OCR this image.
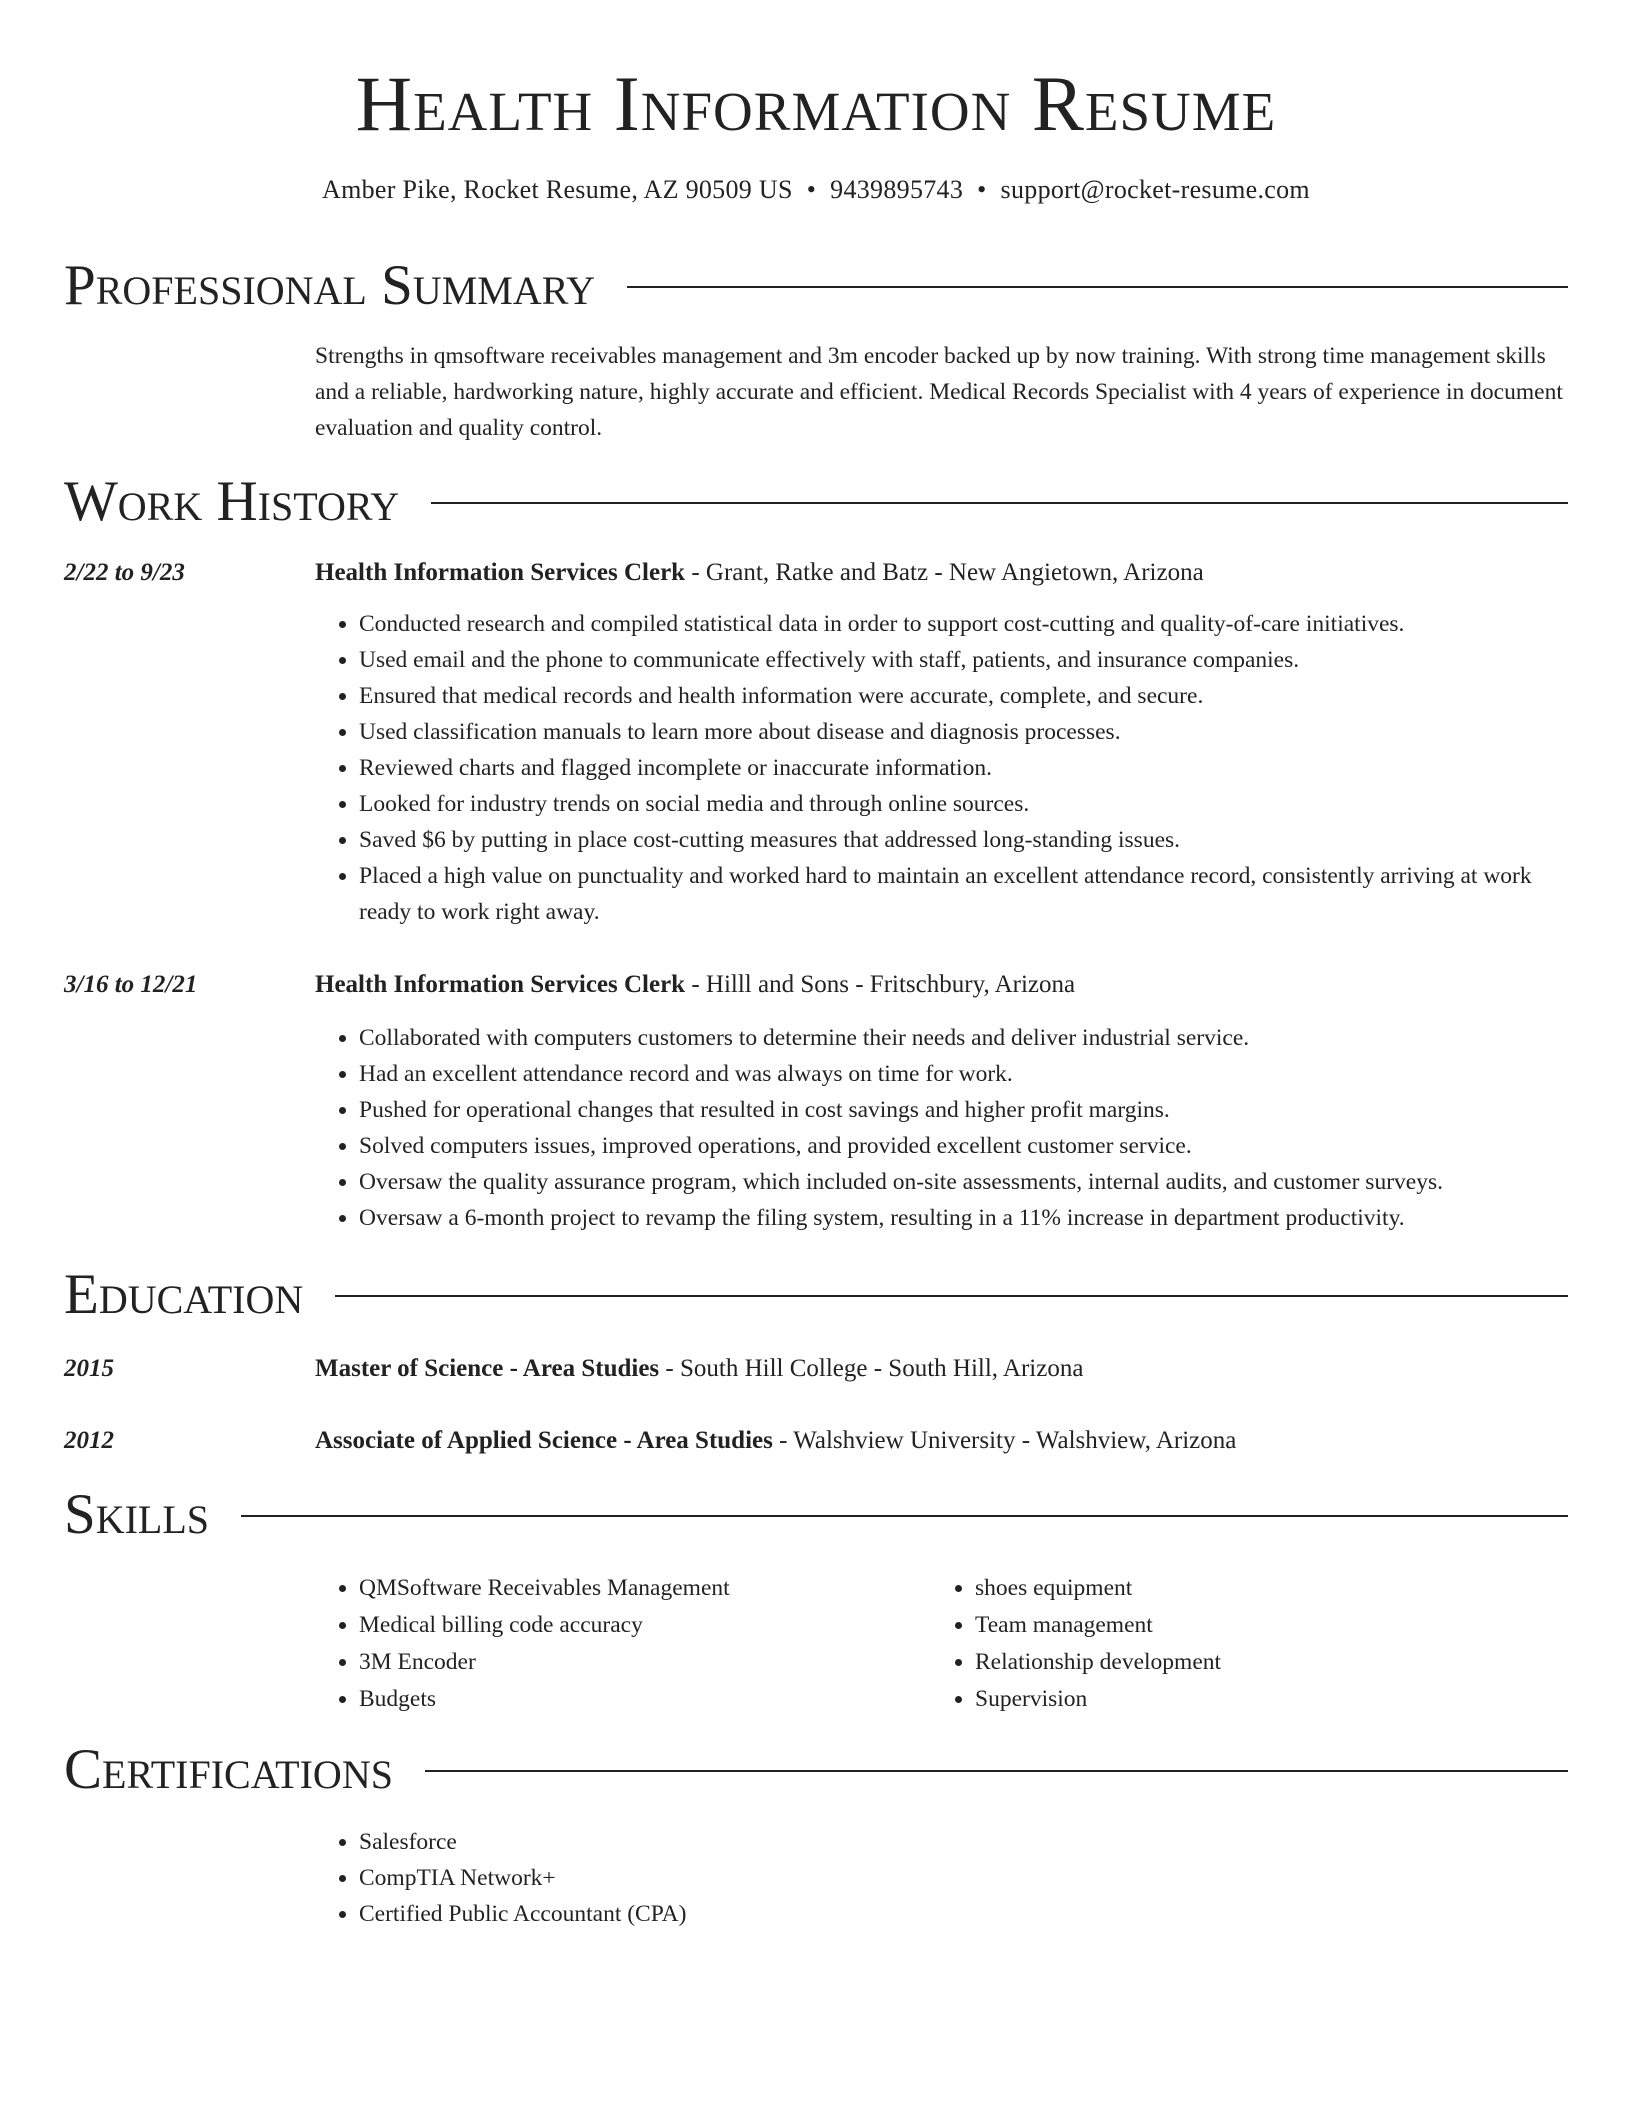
Health Information Resume
Amber Pike, Rocket Resume, AZ 90509 US • 9439895743 • support@rocket-resume.com
Professional Summary

Strengths in qmsoftware receivables management and 3m encoder backed up by now training. With strong time management skills and a reliable, hardworking nature, highly accurate and efficient. Medical Records Specialist with 4 years of experience in document evaluation and quality control.

Work History
2/22 to 9/23	Health Information Services Clerk - Grant, Ratke and Batz - New Angietown, Arizona
• Conducted research and compiled statistical data in order to support cost-cutting and quality-of-care initiatives.
• Used email and the phone to communicate effectively with staff, patients, and insurance companies.
• Ensured that medical records and health information were accurate, complete, and secure.
• Used classification manuals to learn more about disease and diagnosis processes.
• Reviewed charts and flagged incomplete or inaccurate information.
• Looked for industry trends on social media and through online sources.
• Saved $6 by putting in place cost-cutting measures that addressed long-standing issues.
• Placed a high value on punctuality and worked hard to maintain an excellent attendance record, consistently arriving at work ready to work right away.
3/16 to 12/21	Health Information Services Clerk - Hilll and Sons - Fritschbury, Arizona
• Collaborated with computers customers to determine their needs and deliver industrial service.
• Had an excellent attendance record and was always on time for work.
• Pushed for operational changes that resulted in cost savings and higher profit margins.
• Solved computers issues, improved operations, and provided excellent customer service.
• Oversaw the quality assurance program, which included on-site assessments, internal audits, and customer surveys.
• Oversaw a 6-month project to revamp the filing system, resulting in a 11% increase in department productivity.
Education
2015	Master of Science - Area Studies - South Hill College - South Hill, Arizona
2012	Associate of Applied Science - Area Studies - Walshview University - Walshview, Arizona
Skills
• QMSoftware Receivables Management
• Medical billing code accuracy
• 3M Encoder
• Budgets
• shoes equipment
• Team management
• Relationship development
• Supervision
Certifications
• Salesforce
• CompTIA Network+
• Certified Public Accountant (CPA)
